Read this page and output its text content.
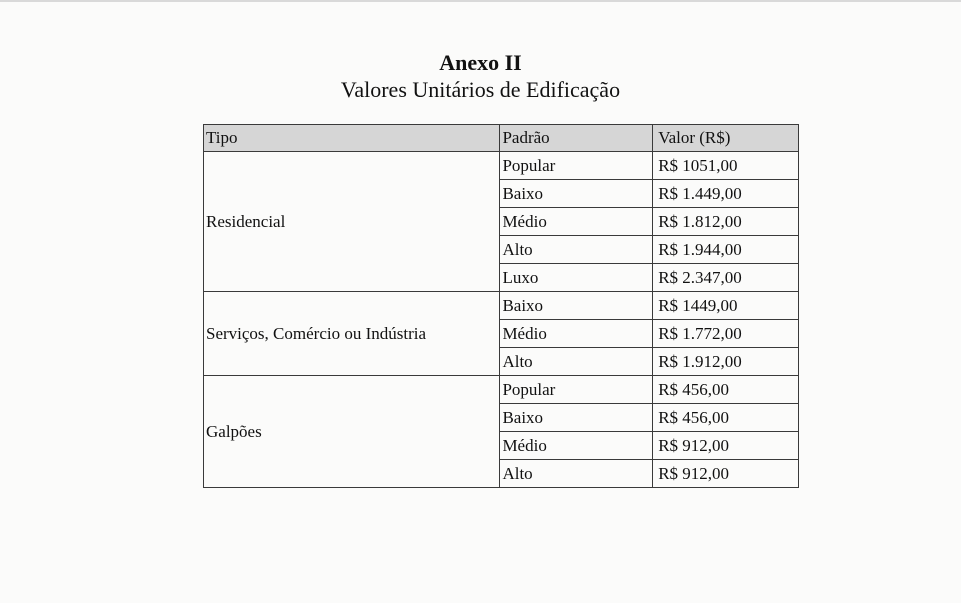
Anexo II
Valores Unitários de Edificação
Tipo	Padrão	Valor (R$)
Residencial	Popular	R$ 1051,00
	Baixo	R$ 1.449,00
	Médio	R$ 1.812,00
	Alto	R$ 1.944,00
	Luxo	R$ 2.347,00
Serviços, Comércio ou Indústria	Baixo	R$ 1449,00
	Médio	R$ 1.772,00
	Alto	R$ 1.912,00
Galpões	Popular	R$ 456,00
	Baixo	R$ 456,00
	Médio	R$ 912,00
	Alto	R$ 912,00
